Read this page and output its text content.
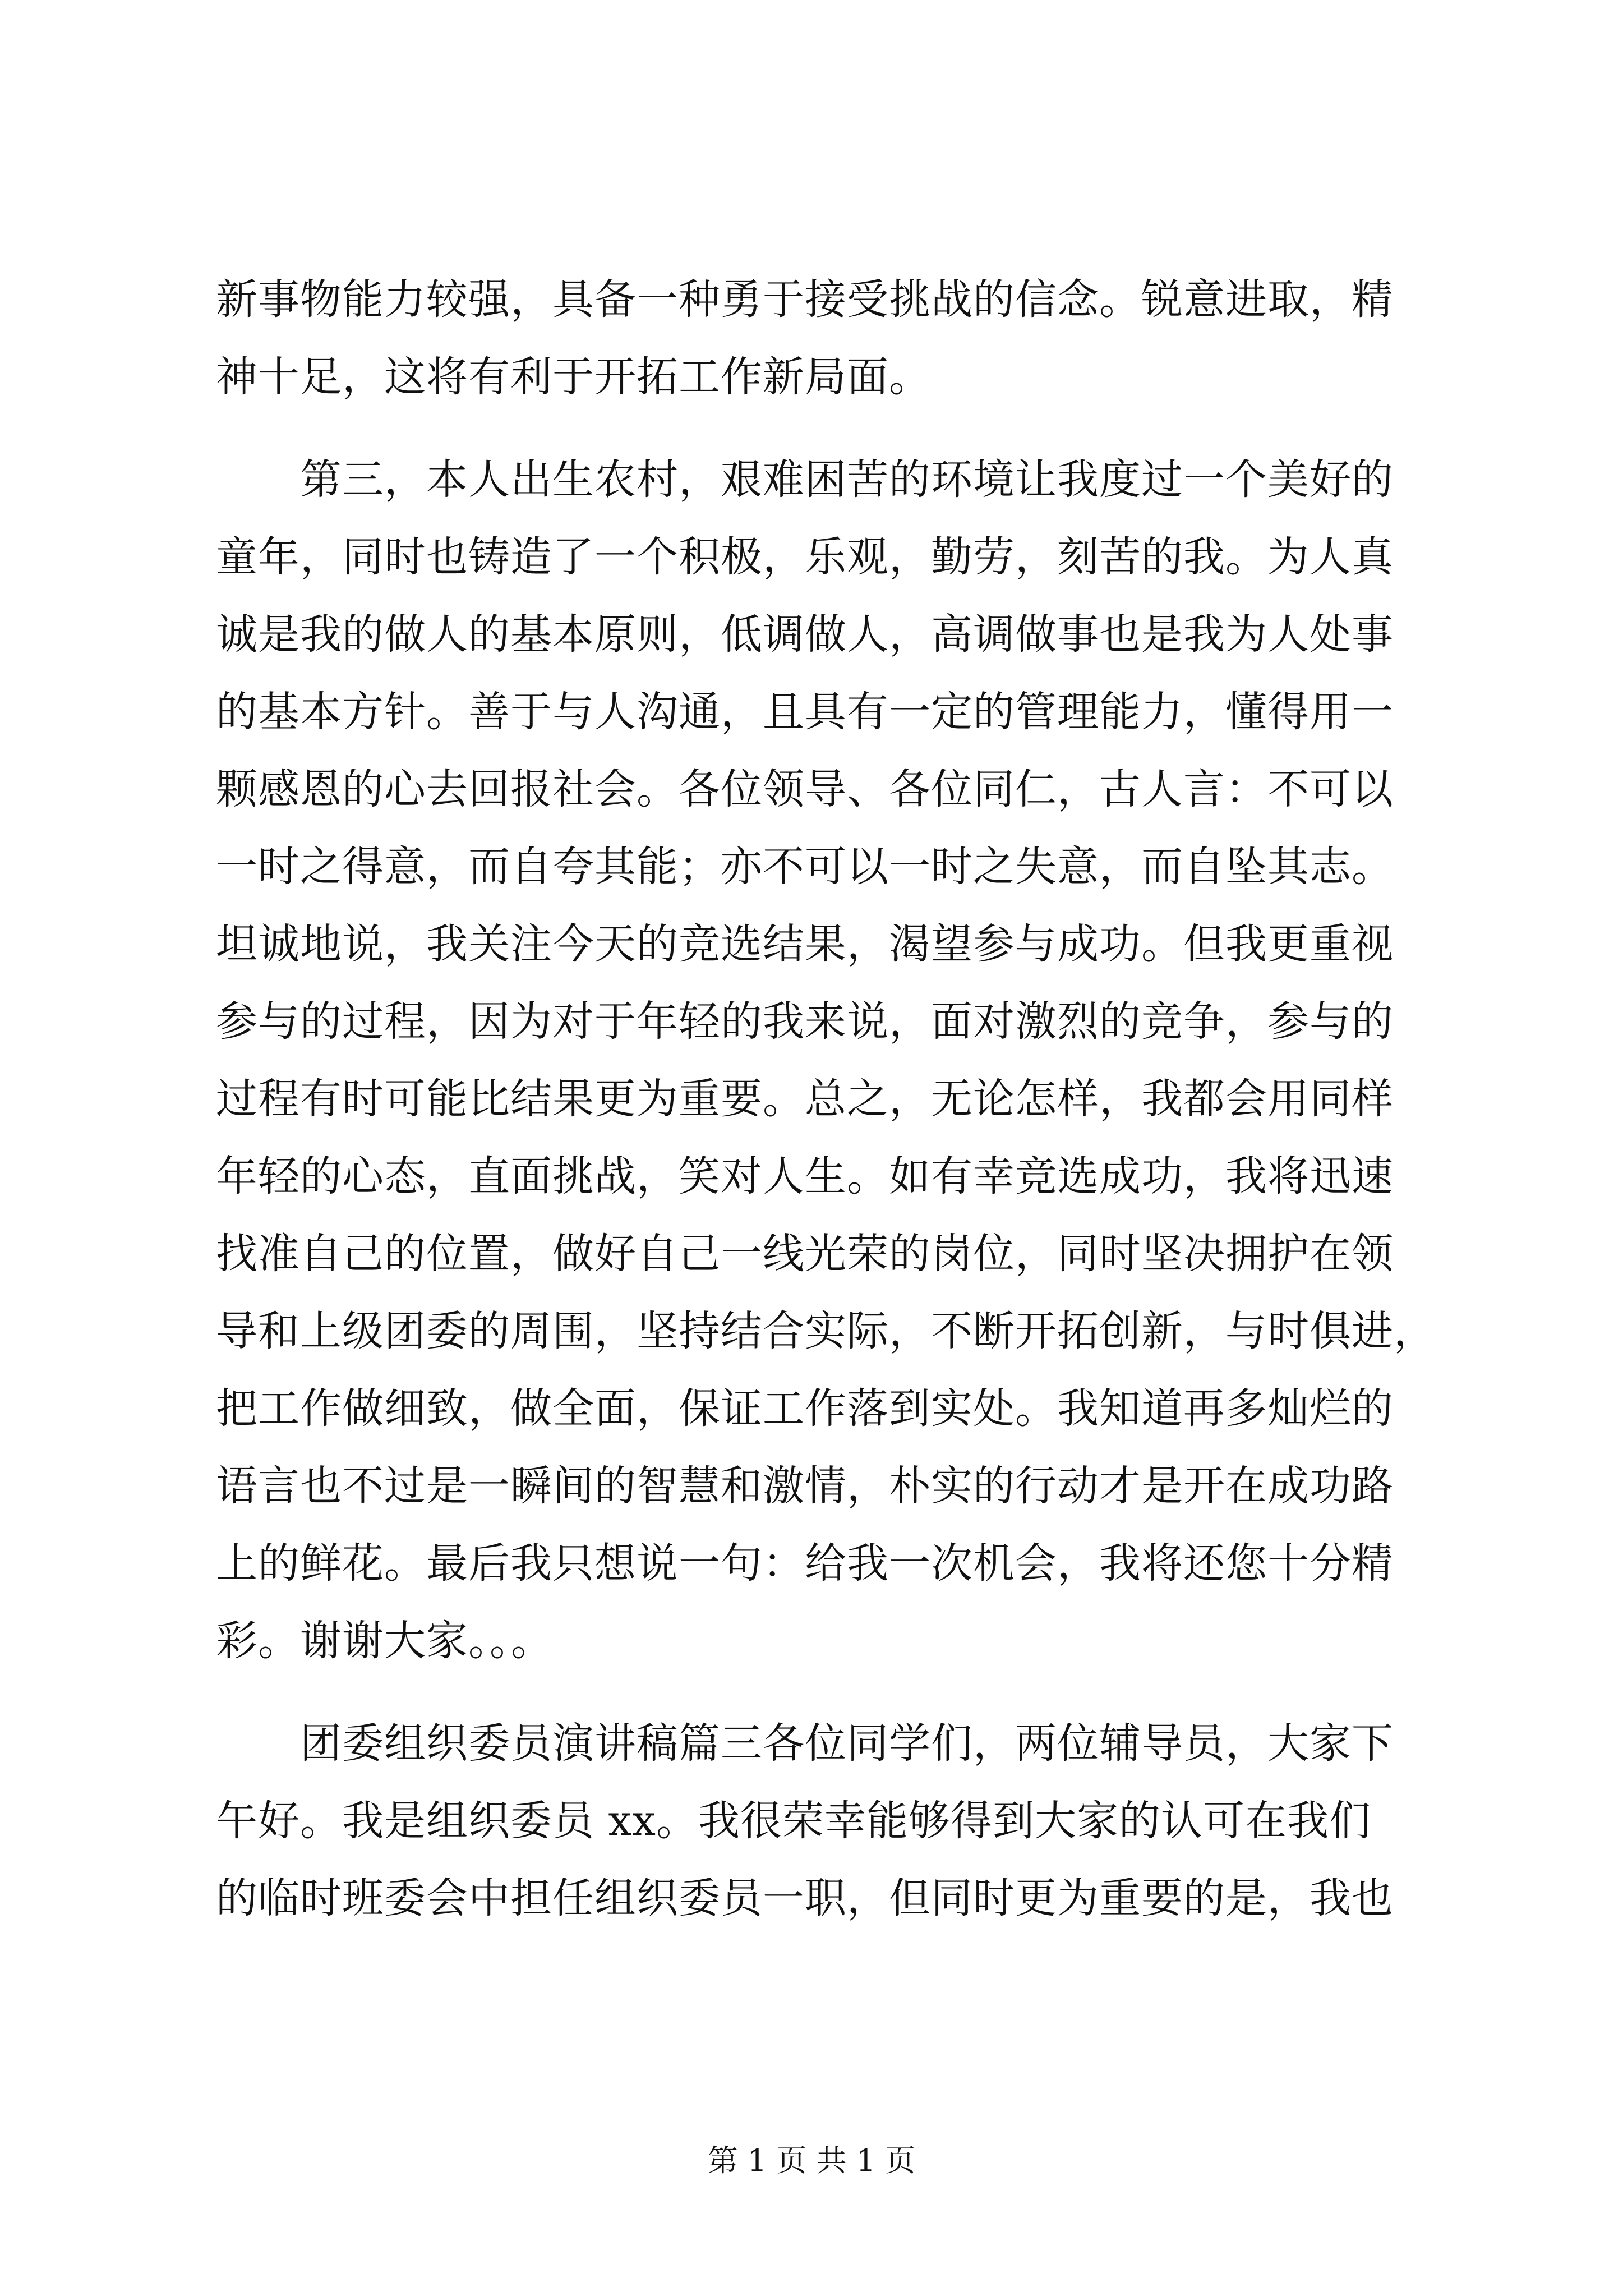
新事物能力较强，具备一种勇于接受挑战的信念。锐意进取，精
神十足，这将有利于开拓工作新局面。
　　第三，本人出生农村，艰难困苦的环境让我度过一个美好的
童年，同时也铸造了一个积极，乐观，勤劳，刻苦的我。为人真
诚是我的做人的基本原则，低调做人，高调做事也是我为人处事
的基本方针。善于与人沟通，且具有一定的管理能力，懂得用一
颗感恩的心去回报社会。各位领导、各位同仁，古人言：不可以
一时之得意，而自夸其能；亦不可以一时之失意，而自坠其志。
坦诚地说，我关注今天的竞选结果，渴望参与成功。但我更重视
参与的过程，因为对于年轻的我来说，面对激烈的竞争，参与的
过程有时可能比结果更为重要。总之，无论怎样，我都会用同样
年轻的心态，直面挑战，笑对人生。如有幸竞选成功，我将迅速
找准自己的位置，做好自己一线光荣的岗位，同时坚决拥护在领
导和上级团委的周围，坚持结合实际，不断开拓创新，与时俱进，
把工作做细致，做全面，保证工作落到实处。我知道再多灿烂的
语言也不过是一瞬间的智慧和激情，朴实的行动才是开在成功路
上的鲜花。最后我只想说一句：给我一次机会，我将还您十分精
彩。谢谢大家。。。
　　团委组织委员演讲稿篇三各位同学们，两位辅导员，大家下
午好。我是组织委员 xx。我很荣幸能够得到大家的认可在我们
的临时班委会中担任组织委员一职，但同时更为重要的是，我也
第 1 页 共 1 页
